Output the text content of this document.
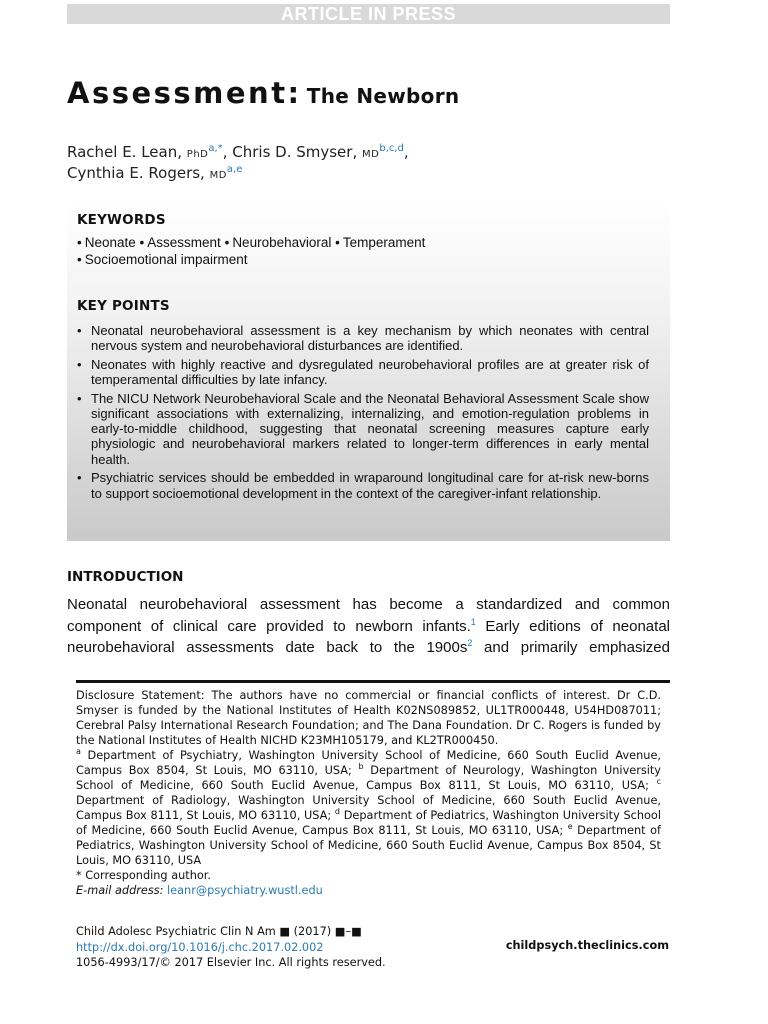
ARTICLE IN PRESS
Assessment: The Newborn
Rachel E. Lean, PhD$^{a,*}$, Chris D. Smyser, MD$^{b,c,d}$,
Cynthia E. Rogers, MD$^{a,e}$
KEYWORDS
• Neonate • Assessment • Neurobehavioral • Temperament
• Socioemotional impairment
KEY POINTS
• Neonatal neurobehavioral assessment is a key mechanism by which neonates with central nervous system and neurobehavioral disturbances are identified.
• Neonates with highly reactive and dysregulated neurobehavioral profiles are at greater risk of temperamental difficulties by late infancy.
• The NICU Network Neurobehavioral Scale and the Neonatal Behavioral Assessment Scale show significant associations with externalizing, internalizing, and emotion-regulation problems in early-to-middle childhood, suggesting that neonatal screening measures capture early physiologic and neurobehavioral markers related to longer-term differences in early mental health.
• Psychiatric services should be embedded in wraparound longitudinal care for at-risk new-borns to support socioemotional development in the context of the caregiver-infant relationship.
INTRODUCTION
Neonatal neurobehavioral assessment has become a standardized and common component of clinical care provided to newborn infants.$^1$ Early editions of neonatal neurobehavioral assessments date back to the $1900s^2$ and primarily emphasized

Disclosure Statement: The authors have no commercial or financial conflicts of interest. Dr C.D. Smyser is funded by the National Institutes of Health K02NS089852, UL1TR000448, U54HD087011; Cerebral Palsy International Research Foundation; and The Dana Foundation. Dr C. Rogers is funded by the National Institutes of Health NICHD K23MH105179, and KL2TR000450.

$^a$ Department of Psychiatry, Washington University School of Medicine, 660 South Euclid Avenue, Campus Box 8504, St Louis, MO 63110, USA; $^b$ Department of Neurology, Washington University School of Medicine, 660 South Euclid Avenue, Campus Box 8111, St Louis, MO 63110, USA; $^c$ Department of Radiology, Washington University School of Medicine, 660 South Euclid Avenue, Campus Box 8111, St Louis, MO 63110, USA; $^d$ Department of Pediatrics, Washington University School of Medicine, 660 South Euclid Avenue, Campus Box 8111, St Louis, MO 63110, USA; $^e$ Department of Pediatrics, Washington University School of Medicine, 660 South Euclid Avenue, Campus Box 8504, St Louis, MO 63110, USA

* Corresponding author.

E-mail address: leanr@psychiatry.wustl.edu

Child Adolesc Psychiatric Clin N Am ■ (2017) ■–■
http://dx.doi.org/10.1016/j.chc.2017.02.002
1056-4993/17/© 2017 Elsevier Inc. All rights reserved.
childpsych.theclinics.com
